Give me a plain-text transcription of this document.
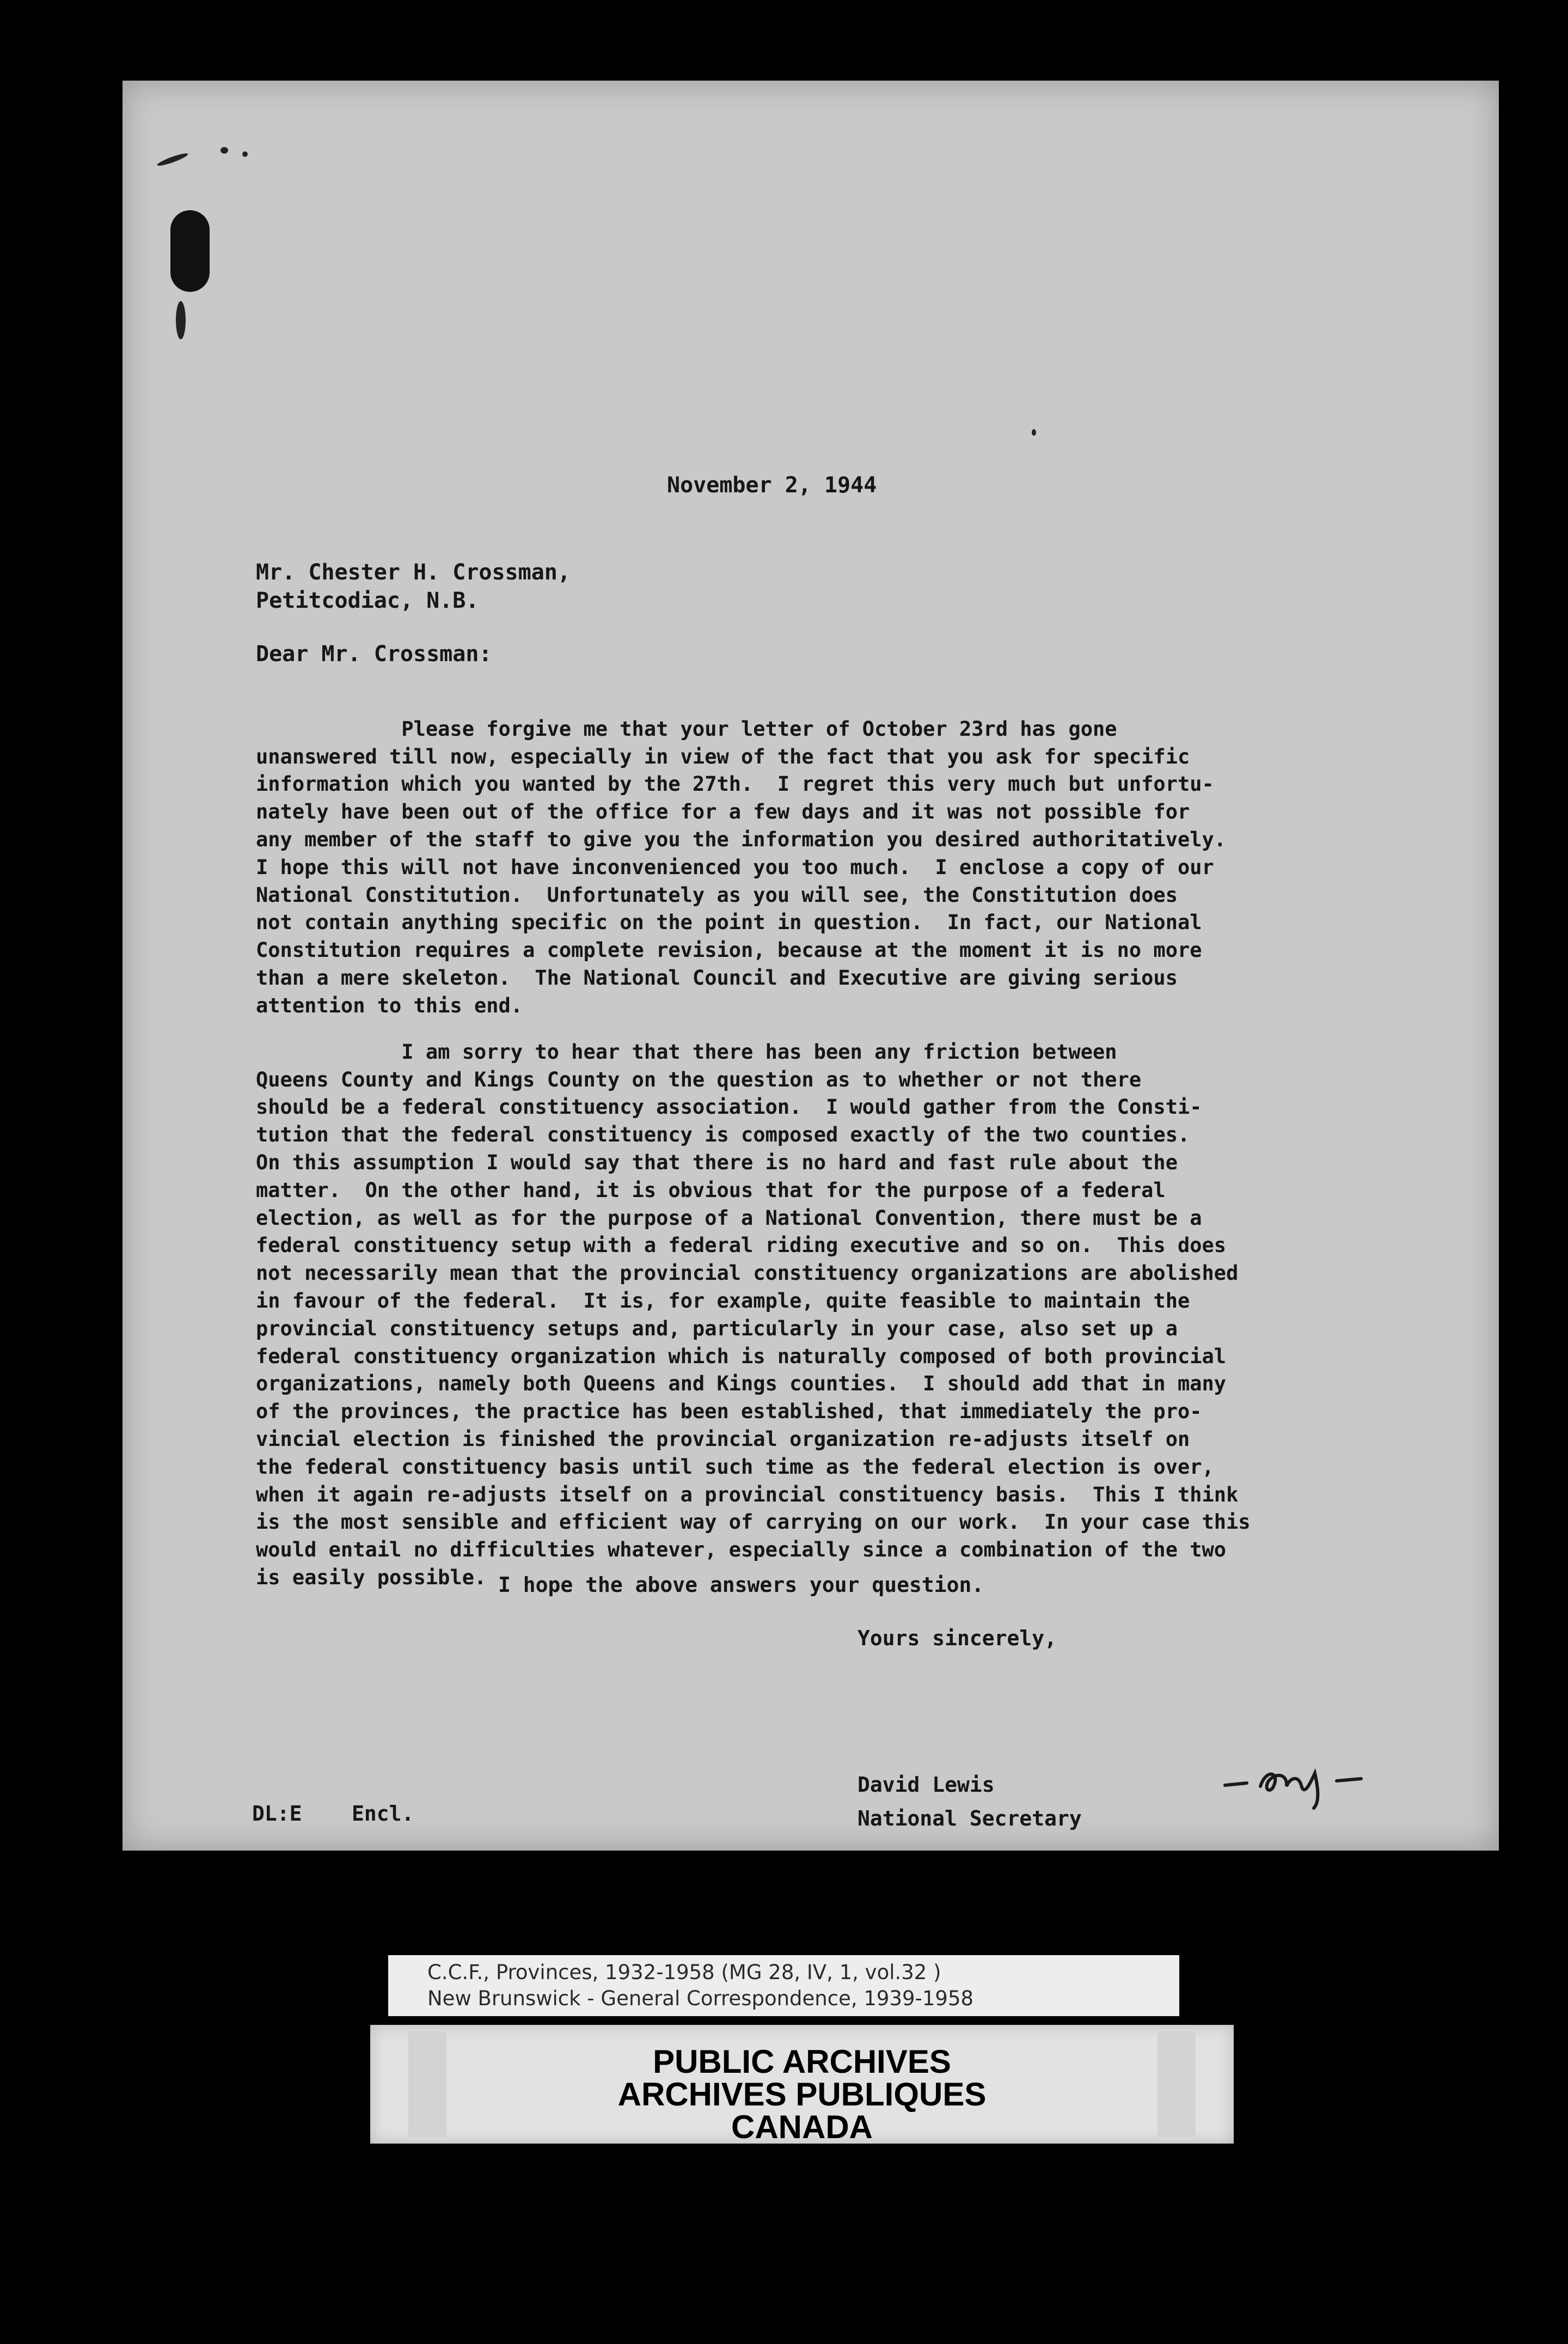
November 2, 1944
Mr. Chester H. Crossman,
Petitcodiac, N.B.
Dear Mr. Crossman:

Please forgive me that your letter of October 23rd has gone
unanswered till now, especially in view of the fact that you ask for specific
information which you wanted by the 27th.  I regret this very much but unfortu-
nately have been out of the office for a few days and it was not possible for
any member of the staff to give you the information you desired authoritatively.
I hope this will not have inconvenienced you too much.  I enclose a copy of our
National Constitution.  Unfortunately as you will see, the Constitution does
not contain anything specific on the point in question.  In fact, our National
Constitution requires a complete revision, because at the moment it is no more
than a mere skeleton.  The National Council and Executive are giving serious
attention to this end.

I am sorry to hear that there has been any friction between
Queens County and Kings County on the question as to whether or not there
should be a federal constituency association.  I would gather from the Consti-
tution that the federal constituency is composed exactly of the two counties.
On this assumption I would say that there is no hard and fast rule about the
matter.  On the other hand, it is obvious that for the purpose of a federal
election, as well as for the purpose of a National Convention, there must be a
federal constituency setup with a federal riding executive and so on.  This does
not necessarily mean that the provincial constituency organizations are abolished
in favour of the federal.  It is, for example, quite feasible to maintain the
provincial constituency setups and, particularly in your case, also set up a
federal constituency organization which is naturally composed of both provincial
organizations, namely both Queens and Kings counties.  I should add that in many
of the provinces, the practice has been established, that immediately the pro-
vincial election is finished the provincial organization re-adjusts itself on
the federal constituency basis until such time as the federal election is over,
when it again re-adjusts itself on a provincial constituency basis.  This I think
is the most sensible and efficient way of carrying on our work.  In your case this
would entail no difficulties whatever, especially since a combination of the two
is easily possible.

I hope the above answers your question.
Yours sincerely,
David Lewis
National Secretary
DL:E    Encl.
C.C.F., Provinces, 1932-1958 (MG 28, IV, 1, vol.32 )
New Brunswick - General Correspondence, 1939-1958
PUBLIC ARCHIVES
ARCHIVES PUBLIQUES
CANADA
